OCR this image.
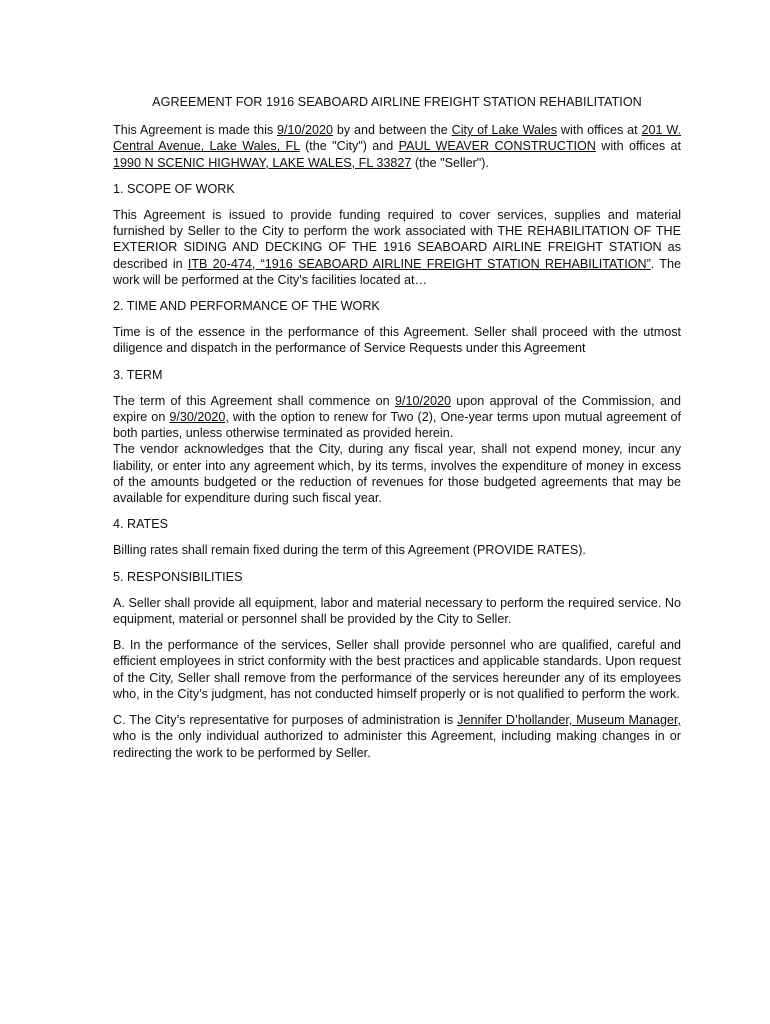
AGREEMENT FOR 1916 SEABOARD AIRLINE FREIGHT STATION REHABILITATION

This Agreement is made this 9/10/2020 by and between the City of Lake Wales with offices at 201 W. Central Avenue, Lake Wales, FL (the "City") and PAUL WEAVER CONSTRUCTION with offices at 1990 N SCENIC HIGHWAY, LAKE WALES, FL 33827 (the "Seller").

1. SCOPE OF WORK

This Agreement is issued to provide funding required to cover services, supplies and material furnished by Seller to the City to perform the work associated with THE REHABILITATION OF THE EXTERIOR SIDING AND DECKING OF THE 1916 SEABOARD AIRLINE FREIGHT STATION as described in ITB 20-474, “1916 SEABOARD AIRLINE FREIGHT STATION REHABILITATION”. The work will be performed at the City’s facilities located at…

2. TIME AND PERFORMANCE OF THE WORK

Time is of the essence in the performance of this Agreement. Seller shall proceed with the utmost diligence and dispatch in the performance of Service Requests under this Agreement

3. TERM

The term of this Agreement shall commence on 9/10/2020 upon approval of the Commission, and expire on 9/30/2020, with the option to renew for Two (2), One-year terms upon mutual agreement of both parties, unless otherwise terminated as provided herein.

The vendor acknowledges that the City, during any fiscal year, shall not expend money, incur any liability, or enter into any agreement which, by its terms, involves the expenditure of money in excess of the amounts budgeted or the reduction of revenues for those budgeted agreements that may be available for expenditure during such fiscal year.

4. RATES

Billing rates shall remain fixed during the term of this Agreement (PROVIDE RATES).

5. RESPONSIBILITIES

A. Seller shall provide all equipment, labor and material necessary to perform the required service. No equipment, material or personnel shall be provided by the City to Seller.

B. In the performance of the services, Seller shall provide personnel who are qualified, careful and efficient employees in strict conformity with the best practices and applicable standards. Upon request of the City, Seller shall remove from the performance of the services hereunder any of its employees who, in the City’s judgment, has not conducted himself properly or is not qualified to perform the work.

C. The City’s representative for purposes of administration is Jennifer D’hollander, Museum Manager, who is the only individual authorized to administer this Agreement, including making changes in or redirecting the work to be performed by Seller.
